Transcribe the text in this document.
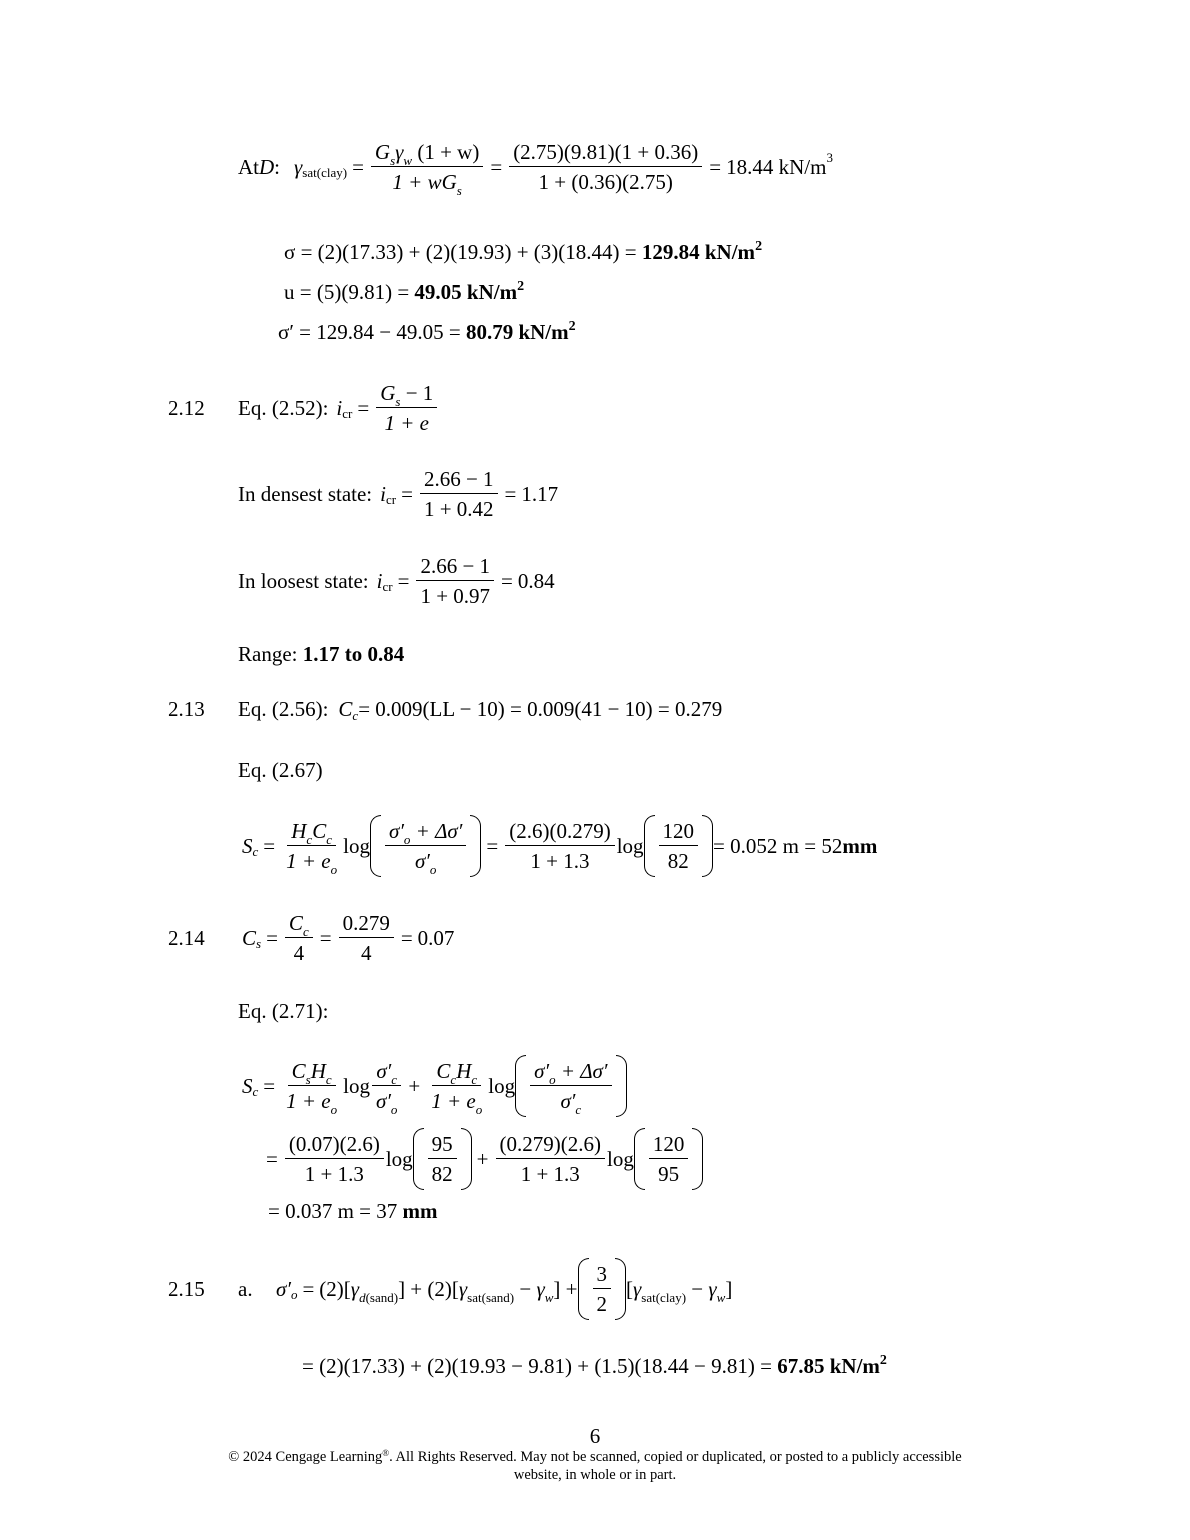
At D : γ sat(clay) =
$G_s\gamma_w$ (1 + w)
$1 + wG_s$
= $\frac{(2.75)(9.81)(1 + 0.36)}{1 + (0.36)(2.75)} = 18.44$ kN/m 3
σ = (2)(17.33) + (2)(19.93) + (3)(18.44) = 129.84 $kN/m^2$
u = (5)(9.81) = 49.05 $kN/m^2$
σ′ = 129.84 − 49.05 = 80.79 $kN/m^2$
2.12	Eq. (2.52): i cr = $\frac{G_s - 1}{1 + e}$
In densest state: i cr = $\frac{2.66 - 1}{1 + 0.42} = 1.17$
In loosest state: i cr = $\frac{2.66 - 1}{1 + 0.97} = 0.84$
Range: 1.17 to 0.84
2.13	Eq. (2.56): C c = 0.009(LL − 10) = 0.009(41 − 10) = 0.279
Eq. (2.67)
S c =
$H_cC_c$
$1 + e_o$
log
$\sigma'_o + \Delta\sigma'$
$\sigma'_o$
= $\frac{(2.6)(0.279)}{1 + 1.3}$ $\log \frac{120}{82} = 0.052$ m = 52 mm
2.14	C $s = \frac{C_c}{4} = \frac{0.279}{4} = 0.07$
Eq. (2.71):
S c =
$C_sH_c$
$1 + e_o$
log
$\sigma'_c$
$\sigma'_o$
+
$C_cH_c$
$1 + e_o$
log
$\sigma'_o + \Delta\sigma'$
$\sigma'_c$
= $\frac{(0.07)(2.6)}{1 + 1.3}$ $\log \frac{95}{82} + \frac{(0.279)(2.6)}{1 + 1.3}$ $\log \frac{120}{95}$
= 0.037 m = 37 mm
2.15	a.	σ′ $o = (2)[\gamma_{d(sand)}] + (2)[\gamma_{sat(sand)} - \gamma_w]$ +
3
2
$[\gamma_{sat(clay)} - \gamma_w]$
= (2)(17.33) + (2)(19.93 − 9.81) + (1.5)(18.44 − 9.81) = 67.85 $kN/m^2$
6
© 2024 Cengage Learning®. All Rights Reserved. May not be scanned, copied or duplicated, or posted to a publicly accessible
website, in whole or in part.
